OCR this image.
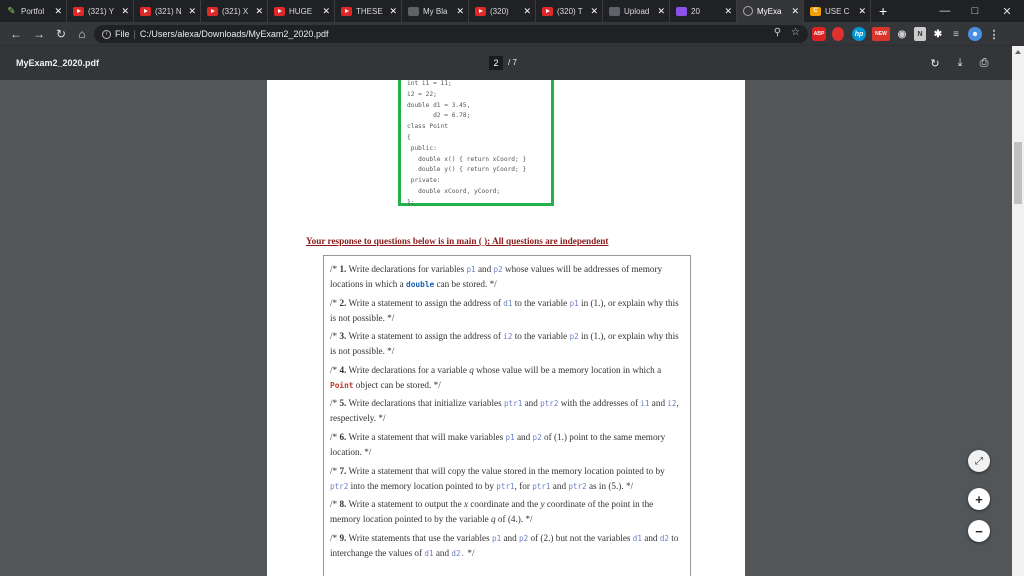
✎ Portfol	✕	(321) Y ✕	(321) N ✕	(321) X ✕	HUGE	✕	THESE ✕	My Bla	✕	(320)	✕	(320) T ✕	Upload ✕	20	✕	MyExa	✕	C USE C	✕ +	—	□	✕
← → ↻	⌂	i File | C:/Users/alexa/Downloads/MyExam2_2020.pdf	⚲ ☆	ABP	hp NEW ◉	N	✱	≡	☻ ⋮
MyExam2_2020.pdf	2	/ 7	↻	⤓	⎙
int i1 = 11;
i2 = 22;
double d1 = 3.45,
d2 = 6.78;
class Point
{
public:
double x() { return xCoord; }
double y() { return yCoord; }
private:
double xCoord, yCoord;
};
Your response to questions below is in main ( ); All questions are independent
/* 1. Write declarations for variables p1 and p2 whose values will be addresses of memory locations in which a double can be stored. */
/* 2. Write a statement to assign the address of d1 to the variable p1 in (1.), or explain why this is not possible. */
/* 3. Write a statement to assign the address of i2 to the variable p2 in (1.), or explain why this is not possible. */
/* 4. Write declarations for a variable q whose value will be a memory location in which a Point object can be stored. */
/* 5. Write declarations that initialize variables ptr1 and ptr2 with the addresses of i1 and i2, respectively. */
/* 6. Write a statement that will make variables p1 and p2 of (1.) point to the same memory location. */
/* 7. Write a statement that will copy the value stored in the memory location pointed to by ptr2 into the memory location pointed to by ptr1, for ptr1 and ptr2 as in (5.). */
/* 8. Write a statement to output the x coordinate and the y coordinate of the point in the memory location pointed to by the variable q of (4.). */
/* 9. Write statements that use the variables p1 and p2 of (2.) but not the variables d1 and d2 to interchange the values of d1 and d2. */
⤢
+
−
